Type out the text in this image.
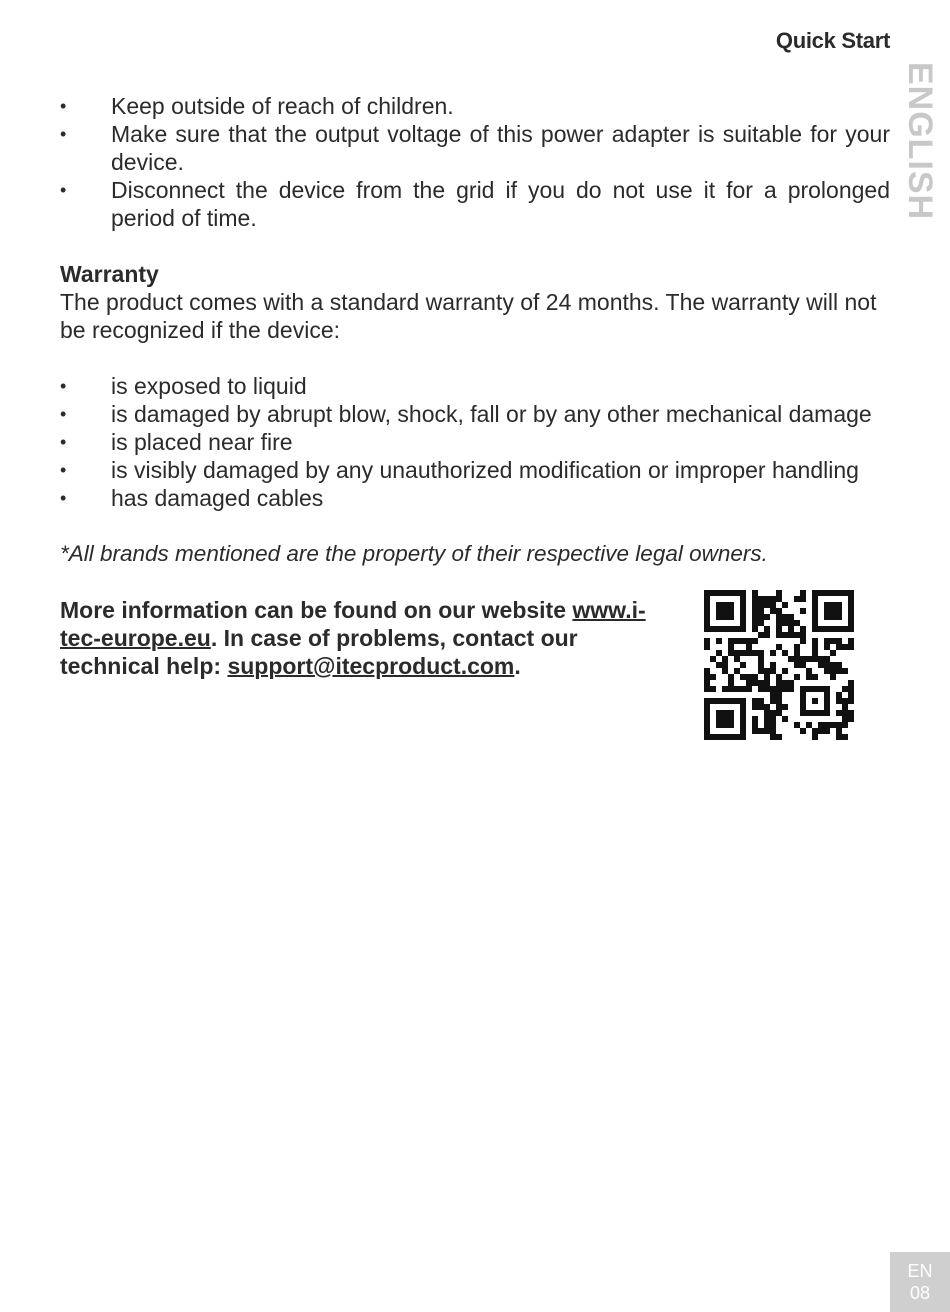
Quick Start
ENGLISH
• Keep outside of reach of children.
• Make sure that the output voltage of this power adapter is suitable for your device.
• Disconnect the device from the grid if you do not use it for a prolonged period of time.
Warranty

The product comes with a standard warranty of 24 months. The warranty will not be recognized if the device:

• is exposed to liquid
• is damaged by abrupt blow, shock, fall or by any other mechanical damage
• is placed near fire
• is visibly damaged by any unauthorized modification or improper handling
• has damaged cables
*All brands mentioned are the property of their respective legal owners.
More information can be found on our website www.i-tec-europe.eu. In case of problems, contact our technical help: support@itecproduct.com.
EN
08
